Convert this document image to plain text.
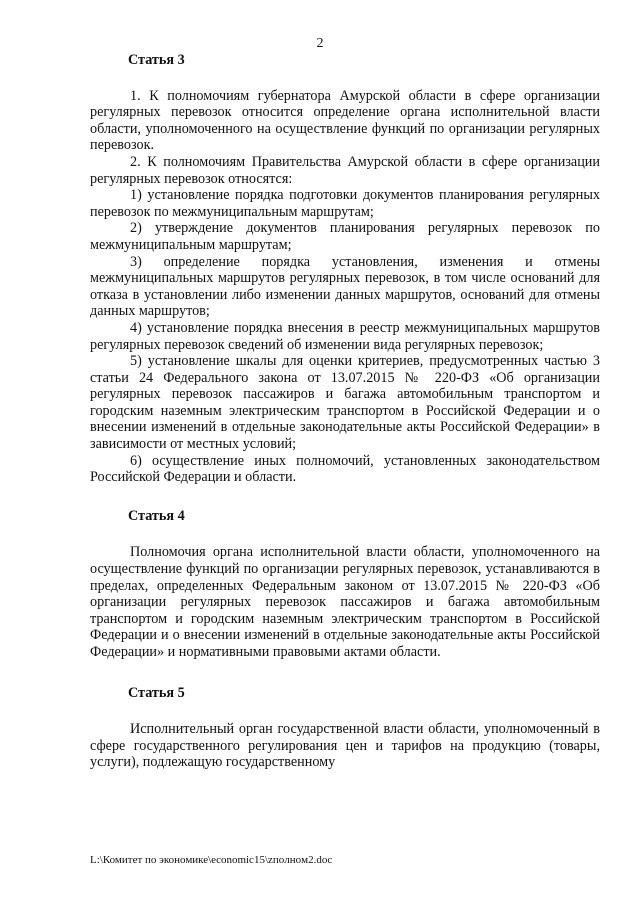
2
Статья 3

1. К полномочиям губернатора Амурской области в сфере организации регулярных перевозок относится определение органа исполнительной власти области, уполномоченного на осуществление функций по организации регулярных перевозок.

2. К полномочиям Правительства Амурской области в сфере организации регулярных перевозок относятся:

1) установление порядка подготовки документов планирования регулярных перевозок по межмуниципальным маршрутам;

2) утверждение документов планирования регулярных перевозок по межмуниципальным маршрутам;

3) определение порядка установления, изменения и отмены межмуниципальных маршрутов регулярных перевозок, в том числе оснований для отказа в установлении либо изменении данных маршрутов, оснований для отмены данных маршрутов;

4) установление порядка внесения в реестр межмуниципальных маршрутов регулярных перевозок сведений об изменении вида регулярных перевозок;

5) установление шкалы для оценки критериев, предусмотренных частью 3 статьи 24 Федерального закона от 13.07.2015 № 220-ФЗ «Об организации регулярных перевозок пассажиров и багажа автомобильным транспортом и городским наземным электрическим транспортом в Российской Федерации и о внесении изменений в отдельные законодательные акты Российской Федерации» в зависимости от местных условий;

6) осуществление иных полномочий, установленных законодательством Российской Федерации и области.

Статья 4

Полномочия органа исполнительной власти области, уполномоченного на осуществление функций по организации регулярных перевозок, устанавливаются в пределах, определенных Федеральным законом от 13.07.2015 № 220-ФЗ «Об организации регулярных перевозок пассажиров и багажа автомобильным транспортом и городским наземным электрическим транспортом в Российской Федерации и о внесении изменений в отдельные законодательные акты Российской Федерации» и нормативными правовыми актами области.

Статья 5

Исполнительный орган государственной власти области, уполномоченный в сфере государственного регулирования цен и тарифов на продукцию (товары, услуги), подлежащую государственному

L:\Комитет по экономике\economic15\zпoлнoм2.doc
